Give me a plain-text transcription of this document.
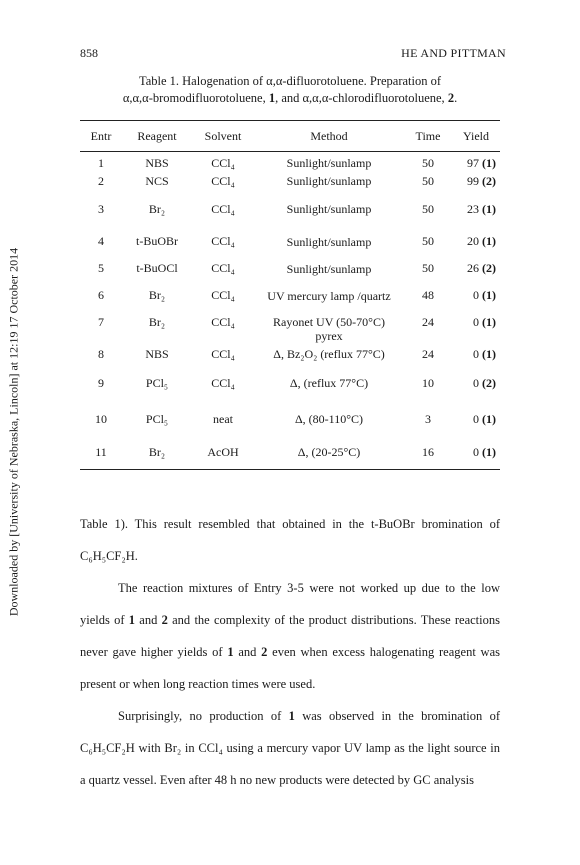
858	HE AND PITTMAN
Downloaded by [University of Nebraska, Lincoln] at 12:19 17 October 2014
Table 1. Halogenation of α,α-difluorotoluene. Preparation of
α,α,α-bromodifluorotoluene, 1, and α,α,α-chlorodifluorotoluene, 2.
Entr	Reagent	Solvent	Method	Time	Yield
1	NBS	CCl₄	Sunlight/sunlamp	50	97 (1)
2	NCS	CCl₄	Sunlight/sunlamp	50	99 (2)
3	Br₂	CCl₄	Sunlight/sunlamp	50	23 (1)
4	t-BuOBr	CCl₄	Sunlight/sunlamp	50	20 (1)
5	t-BuOCl	CCl₄	Sunlight/sunlamp	50	26 (2)
6	Br₂	CCl₄	UV mercury lamp /quartz	48	0 (1)
7	Br₂	CCl₄	Rayonet UV (50-70°C)
pyrex	24	0 (1)
8	NBS	CCl₄	Δ, Bz₂O₂ (reflux 77°C)	24	0 (1)
9	PCl₅	CCl₄	Δ, (reflux 77°C)	10	0 (2)
10	PCl₅	neat	Δ, (80-110°C)	3	0 (1)
11	Br₂	AcOH	Δ, (20-25°C)	16	0 (1)

Table 1). This result resembled that obtained in the t-BuOBr bromination of C₆H₅CF₂H.

The reaction mixtures of Entry 3-5 were not worked up due to the low yields of 1 and 2 and the complexity of the product distributions. These reactions never gave higher yields of 1 and 2 even when excess halogenating reagent was present or when long reaction times were used.

Surprisingly, no production of 1 was observed in the bromination of C₆H₅CF₂H with Br₂ in CCl₄ using a mercury vapor UV lamp as the light source in a quartz vessel. Even after 48 h no new products were detected by GC analysis
